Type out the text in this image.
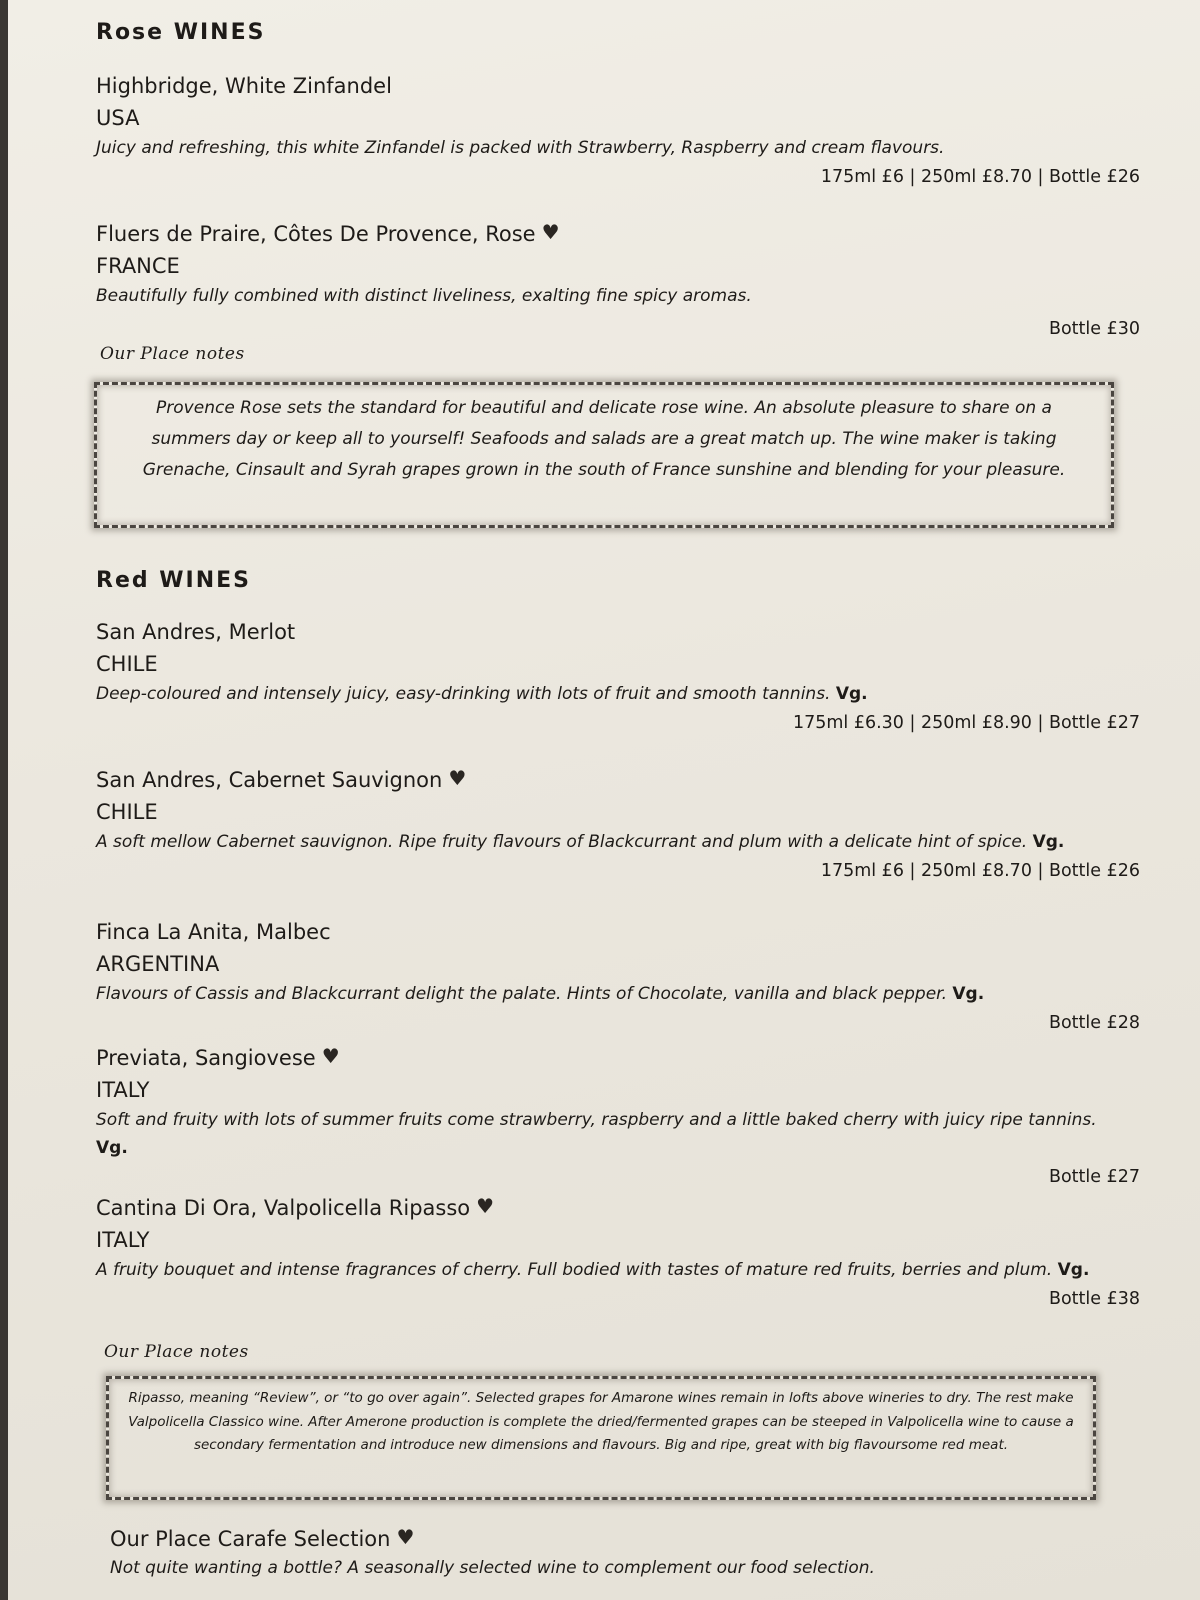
Rose WINES
Highbridge, White Zinfandel
USA
Juicy and refreshing, this white Zinfandel is packed with Strawberry, Raspberry and cream flavours.
175ml £6 | 250ml £8.70 | Bottle £26
Fluers de Praire, Côtes De Provence, Rose ♥
FRANCE
Beautifully fully combined with distinct liveliness, exalting fine spicy aromas.
Bottle £30
Our Place notes
Provence Rose sets the standard for beautiful and delicate rose wine. An absolute pleasure to share on a summers day or keep all to yourself! Seafoods and salads are a great match up. The wine maker is taking Grenache, Cinsault and Syrah grapes grown in the south of France sunshine and blending for your pleasure.
Red WINES
San Andres, Merlot
CHILE
Deep-coloured and intensely juicy, easy-drinking with lots of fruit and smooth tannins. Vg.
175ml £6.30 | 250ml £8.90 | Bottle £27
San Andres, Cabernet Sauvignon ♥
CHILE
A soft mellow Cabernet sauvignon. Ripe fruity flavours of Blackcurrant and plum with a delicate hint of spice. Vg.
175ml £6 | 250ml £8.70 | Bottle £26
Finca La Anita, Malbec
ARGENTINA
Flavours of Cassis and Blackcurrant delight the palate. Hints of Chocolate, vanilla and black pepper. Vg.
Bottle £28
Previata, Sangiovese ♥
ITALY
Soft and fruity with lots of summer fruits come strawberry, raspberry and a little baked cherry with juicy ripe tannins. Vg.
Bottle £27
Cantina Di Ora, Valpolicella Ripasso ♥
ITALY
A fruity bouquet and intense fragrances of cherry. Full bodied with tastes of mature red fruits, berries and plum. Vg.
Bottle £38
Our Place notes
Ripasso, meaning “Review”, or “to go over again”. Selected grapes for Amarone wines remain in lofts above wineries to dry. The rest make Valpolicella Classico wine. After Amerone production is complete the dried/fermented grapes can be steeped in Valpolicella wine to cause a secondary fermentation and introduce new dimensions and flavours. Big and ripe, great with big flavoursome red meat.
Our Place Carafe Selection ♥
Not quite wanting a bottle? A seasonally selected wine to complement our food selection.
